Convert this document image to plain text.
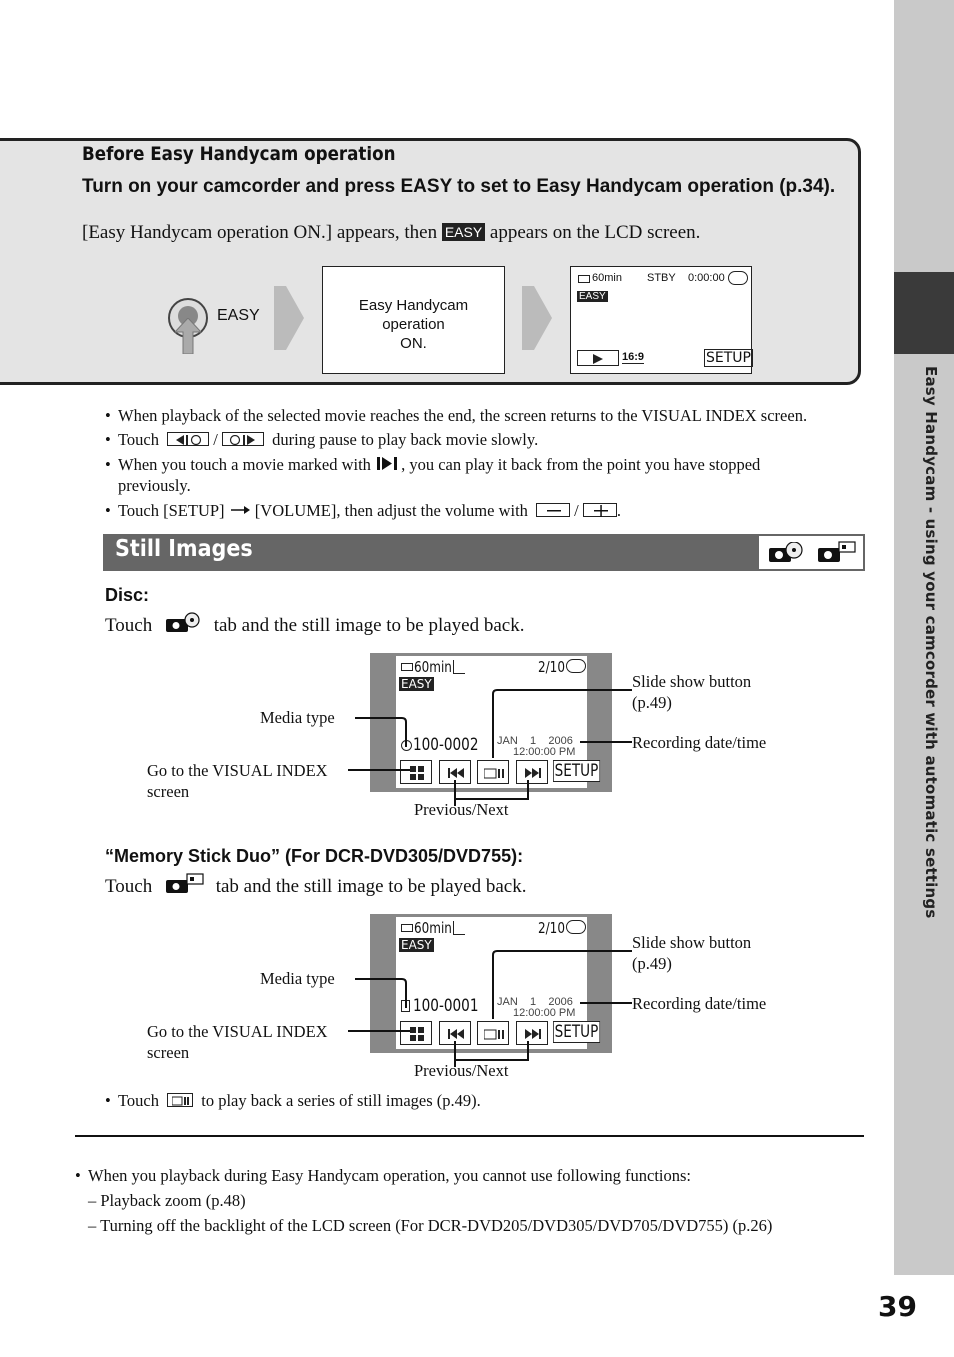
Easy Handycam - using your camcorder with automatic settings
39
Before Easy Handycam operation
Turn on your camcorder and press EASY to set to Easy Handycam operation (p.34).
[Easy Handycam operation ON.] appears, then EASY appears on the LCD screen.
EASY
Easy Handycam
operation
ON.
60min STBY 0:00:00
EASY
16:9	SETUP
• When playback of the selected movie reaches the end, the screen returns to the VISUAL INDEX screen.
• Touch	/	during pause to play back movie slowly.
• When you touch a movie marked with , you can play it back from the point you have stopped
previously.
• Touch [SETUP] [VOLUME], then adjust the volume with	/
.
Still Images
Disc:
Touch	tab and the still image to be played back.
60min	2/10
EASY
100-0002 JAN    1    2006
12:00:00 PM
SETUP
Media type
Go to the VISUAL INDEX
screen
Slide show button
(p.49)
Recording date/time
Previous/Next
“Memory Stick Duo” (For DCR-DVD305/DVD755):
Touch	tab and the still image to be played back.
60min	2/10
EASY
100-0001 JAN    1    2006
12:00:00 PM
SETUP
Media type
Go to the VISUAL INDEX
screen
Slide show button
(p.49)
Recording date/time
Previous/Next
• Touch	to play back a series of still images (p.49).
• When you playback during Easy Handycam operation, you cannot use following functions:
– Playback zoom (p.48)
– Turning off the backlight of the LCD screen (For DCR-DVD205/DVD305/DVD705/DVD755) (p.26)
